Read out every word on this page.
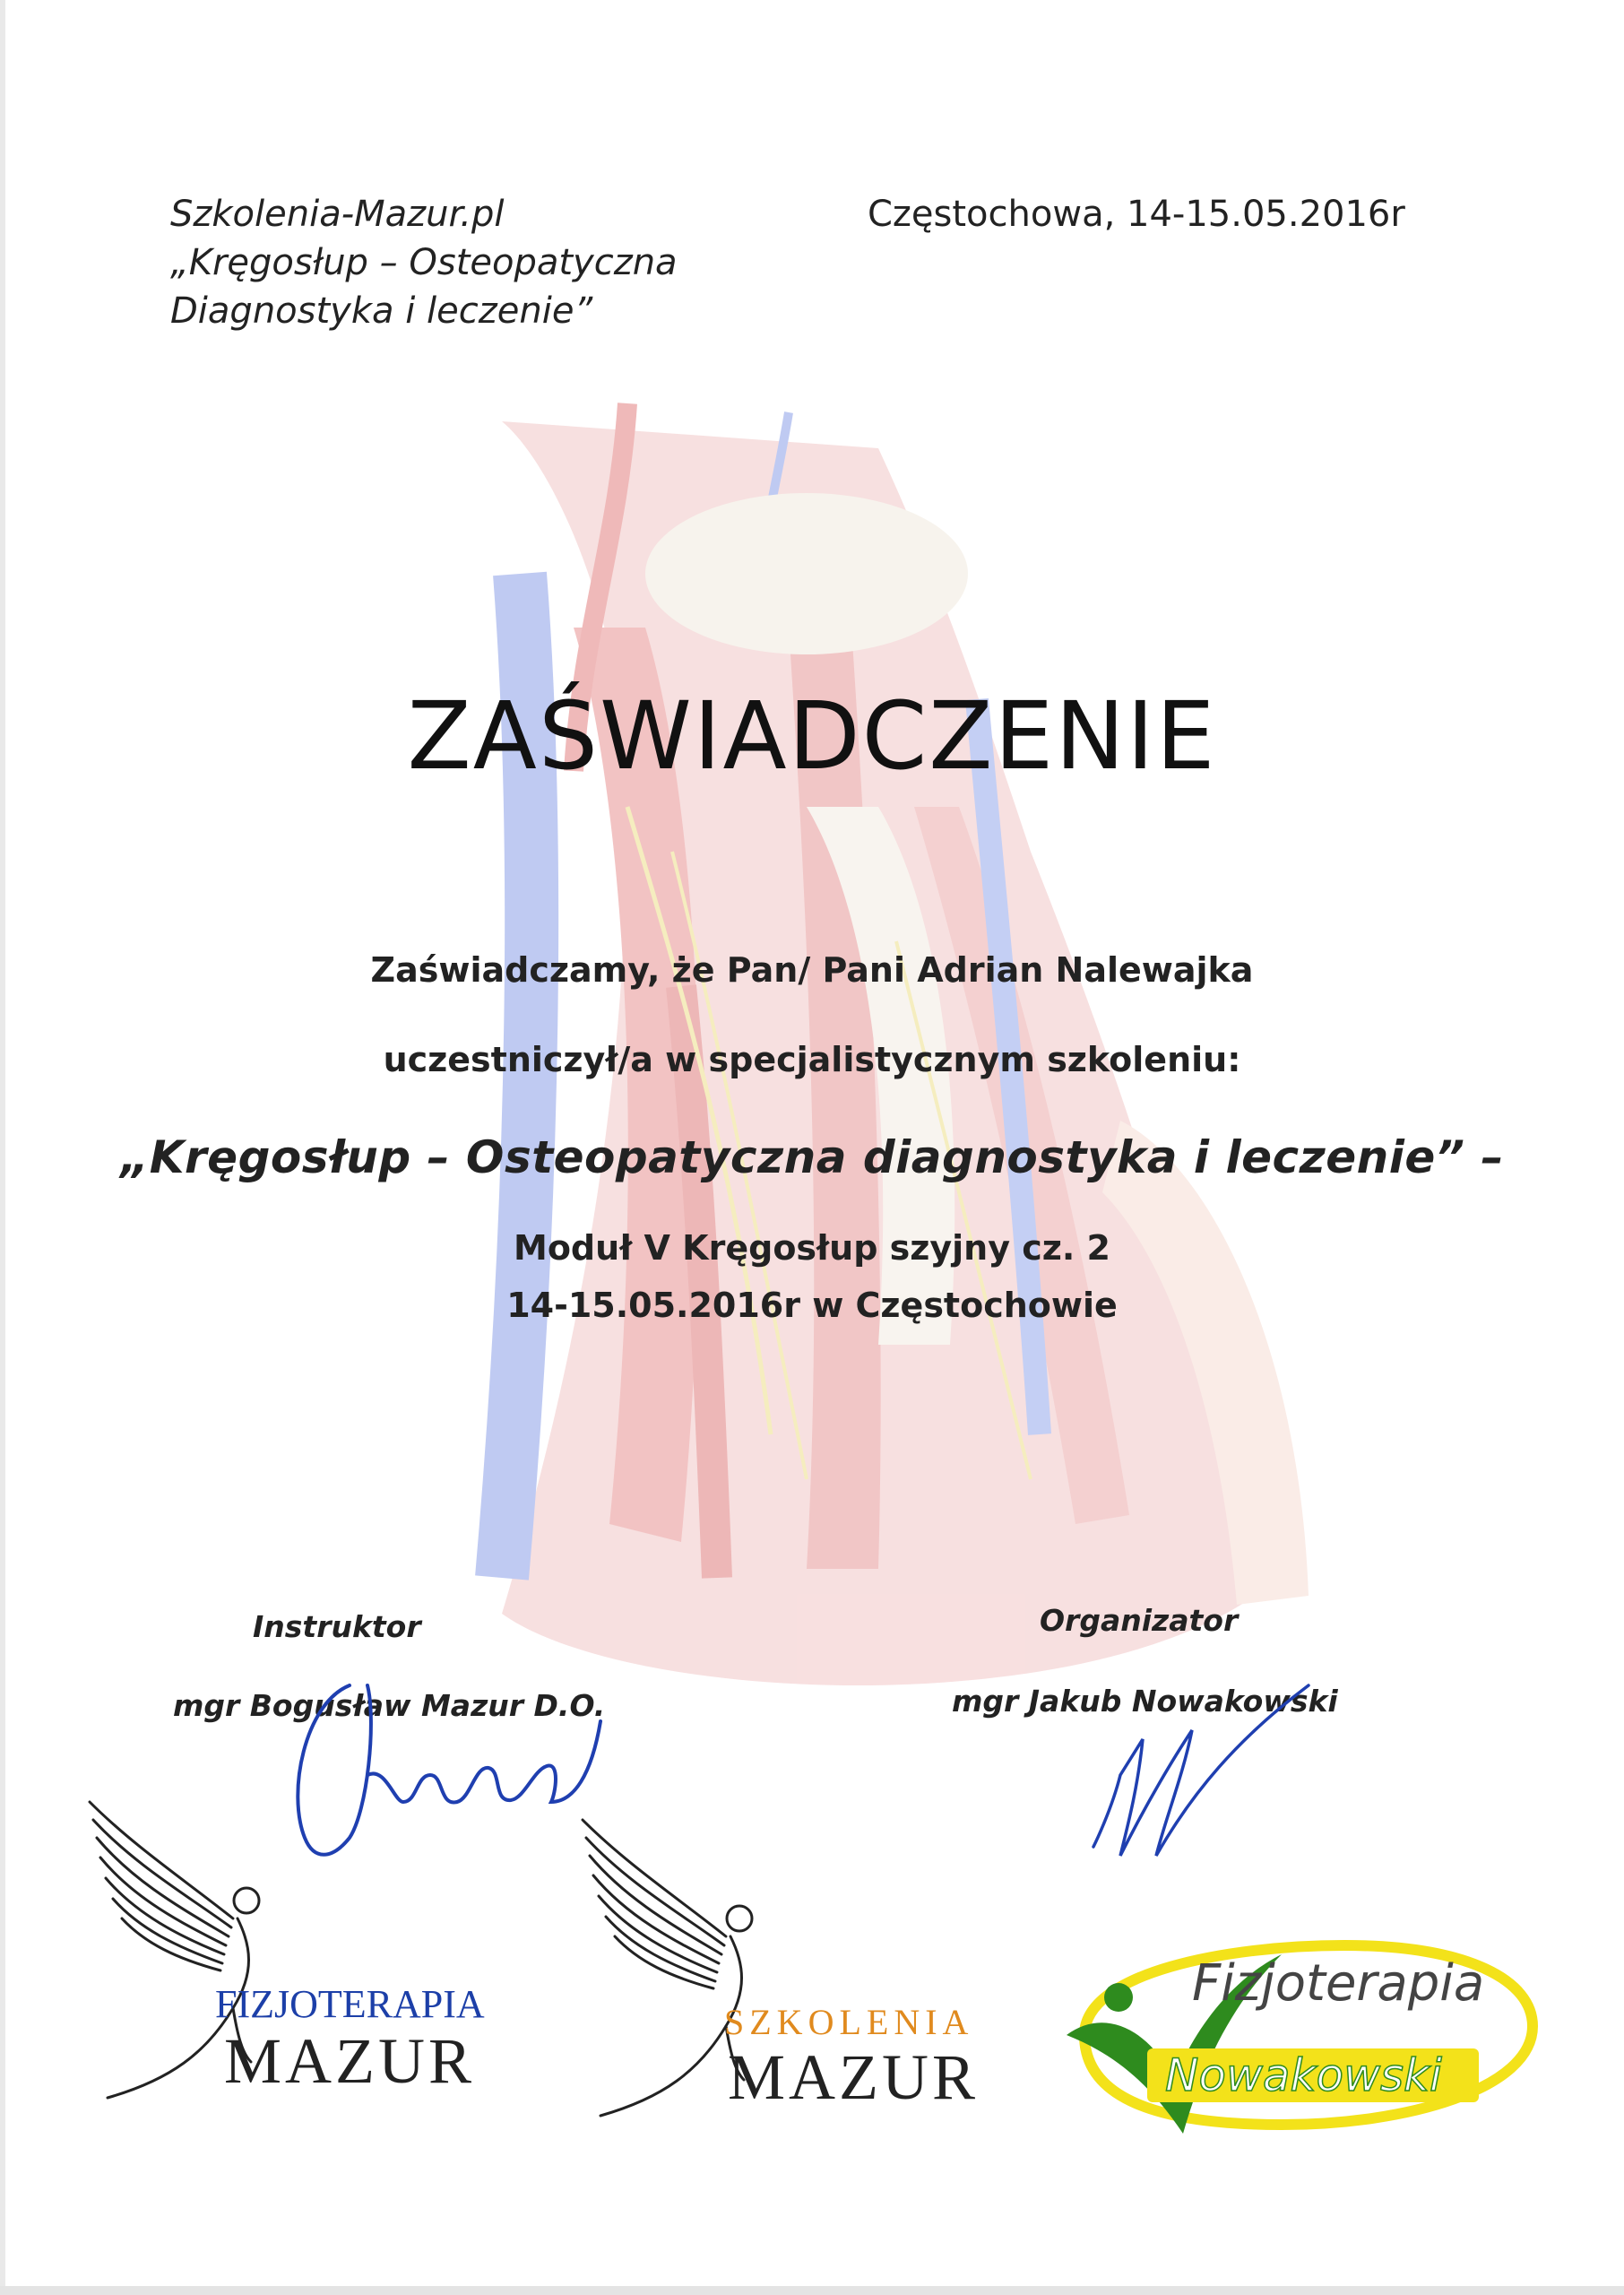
Szkolenia-Mazur.pl
„Kręgosłup – Osteopatyczna
Diagnostyka i leczenie”
Częstochowa, 14-15.05.2016r
ZAŚWIADCZENIE
Zaświadczamy, że Pan/ Pani Adrian Nalewajka
uczestniczył/a w specjalistycznym szkoleniu:
„Kręgosłup – Osteopatyczna diagnostyka i leczenie” –
Moduł V Kręgosłup szyjny cz. 2
14-15.05.2016r w Częstochowie
Instruktor
mgr Bogusław Mazur D.O.
Organizator
mgr Jakub Nowakowski
FIZJOTERAPIA
MAZUR
SZKOLENIA
MAZUR
Fizjoterapia
Nowakowski
